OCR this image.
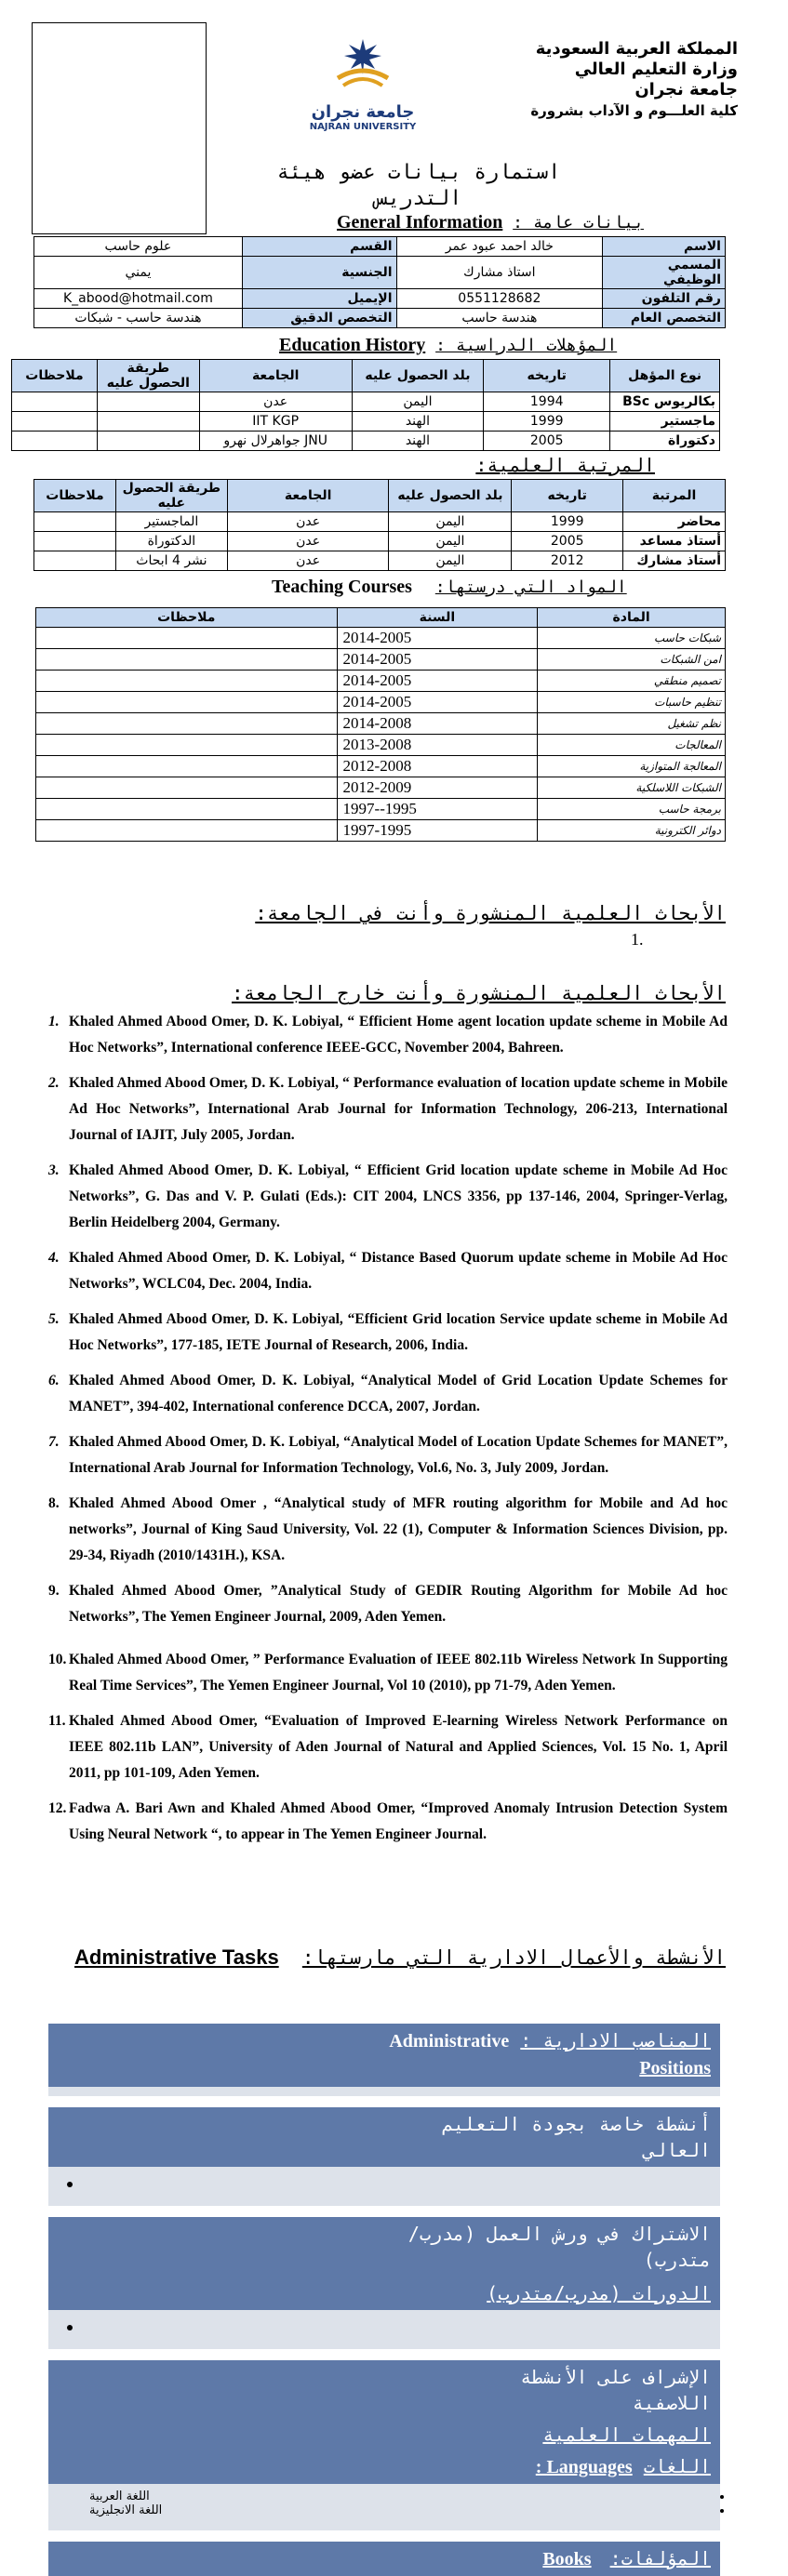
جامعة نجران
NAJRAN UNIVERSITY
المملكة العربية السعودية
وزارة التعليم العالي
جامعة نجران
كلية العلـــوم و الآداب بشرورة
استمارة بيانات عضو هيئة
التدريس
General Information بيانات عامة :
علوم حاسب	القسم	خالد احمد عبود عمر	الاسم
يمني	الجنسية	استاذ مشارك	المسمي الوظيفي
K_abood@hotmail.com	الإيميل	0551128682	رقم التلفون
هندسة حاسب - شبكات	التخصص الدقيق	هندسة حاسب	التخصص العام
Education History المؤهلات الدراسية :
ملاحظات	طريقة الحصول عليه	الجامعة	بلد الحصول عليه	تاريخه	نوع المؤهل
		عدن	اليمن	1994	بكالريوس BSc
		IIT KGP	الهند	1999	ماجستير
		جواهرلال نهرو JNU	الهند	2005	دكتوراة
المرتبة العلمية:
ملاحظات	طريقة الحصول عليه	الجامعة	بلد الحصول عليه	تاريخه	المرتبة
	الماجستير	عدن	اليمن	1999	محاضر
	الدكتوراة	عدن	اليمن	2005	أستاذ مساعد
	نشر 4 ابحاث	عدن	اليمن	2012	أستاذ مشارك
Teaching Courses المواد التي درستها:
ملاحظات	السنة	المادة
	2014-2005	شبكات حاسب
	2014-2005	امن الشبكات
	2014-2005	تصميم منطقي
	2014-2005	تنظيم حاسبات
	2014-2008	نظم تشغيل
	2013-2008	المعالجات
	2012-2008	المعالجة المتوازية
	2012-2009	الشبكات اللاسلكية
	1997--1995	برمجة حاسب
	1997-1995	دوائر الكترونية
الأبحاث العلمية المنشورة وأنت في الجامعة:
1.
الأبحاث العلمية المنشورة وأنت خارج الجامعة:
1. Khaled Ahmed Abood Omer, D. K. Lobiyal, “ Efficient Home agent location update scheme in Mobile Ad Hoc Networks”, International conference IEEE-GCC, November 2004, Bahreen.
2. Khaled Ahmed Abood Omer, D. K. Lobiyal, “ Performance evaluation of location update scheme in Mobile Ad Hoc Networks”, International Arab Journal for Information Technology, 206-213, International Journal of IAJIT, July 2005, Jordan.
3. Khaled Ahmed Abood Omer, D. K. Lobiyal, “ Efficient Grid location update scheme in Mobile Ad Hoc Networks”, G. Das and V. P. Gulati (Eds.): CIT 2004, LNCS 3356, pp 137-146, 2004, Springer-Verlag, Berlin Heidelberg 2004, Germany.
4. Khaled Ahmed Abood Omer, D. K. Lobiyal, “ Distance Based Quorum update scheme in Mobile Ad Hoc Networks”, WCLC04, Dec. 2004, India.
5. Khaled Ahmed Abood Omer, D. K. Lobiyal, “Efficient Grid location Service update scheme in Mobile Ad Hoc Networks”, 177-185, IETE Journal of Research, 2006, India.
6. Khaled Ahmed Abood Omer, D. K. Lobiyal, “Analytical Model of Grid Location Update Schemes for MANET”, 394-402, International conference DCCA, 2007, Jordan.
7. Khaled Ahmed Abood Omer, D. K. Lobiyal, “Analytical Model of Location Update Schemes for MANET”, International Arab Journal for Information Technology, Vol.6, No. 3, July 2009, Jordan.
8. Khaled Ahmed Abood Omer , “Analytical study of MFR routing algorithm for Mobile and Ad hoc networks”, Journal of King Saud University, Vol. 22 (1), Computer & Information Sciences Division, pp. 29-34, Riyadh (2010/1431H.), KSA.
9. Khaled Ahmed Abood Omer, ”Analytical Study of GEDIR Routing Algorithm for Mobile Ad hoc Networks”, The Yemen Engineer Journal, 2009, Aden Yemen.
10. Khaled Ahmed Abood Omer, ” Performance Evaluation of IEEE 802.11b Wireless Network In Supporting Real Time Services”, The Yemen Engineer Journal, Vol 10 (2010), pp 71-79, Aden Yemen.
11. Khaled Ahmed Abood Omer, “Evaluation of Improved E-learning Wireless Network Performance on IEEE 802.11b LAN”, University of Aden Journal of Natural and Applied Sciences, Vol. 15 No. 1, April 2011, pp 101-109, Aden Yemen.
12. Fadwa A. Bari Awn and Khaled Ahmed Abood Omer, “Improved Anomaly Intrusion Detection System Using Neural Network “, to appear in The Yemen Engineer Journal.
Administrative Tasks الأنشطة والأعمال الادارية التي مارستها:
المناصب الادارية : Administrative
Positions
أنشطة خاصة بجودة التعليم العالي
الاشتراك في ورش العمل (مدرب/متدرب)
الدورات (مدرب/متدرب)
الإشراف على الأنشطة اللاصفية
المهمات العلمية
اللغات Languages :
• اللغة العربية
• اللغة الانجليزية
المؤلفات: Books
